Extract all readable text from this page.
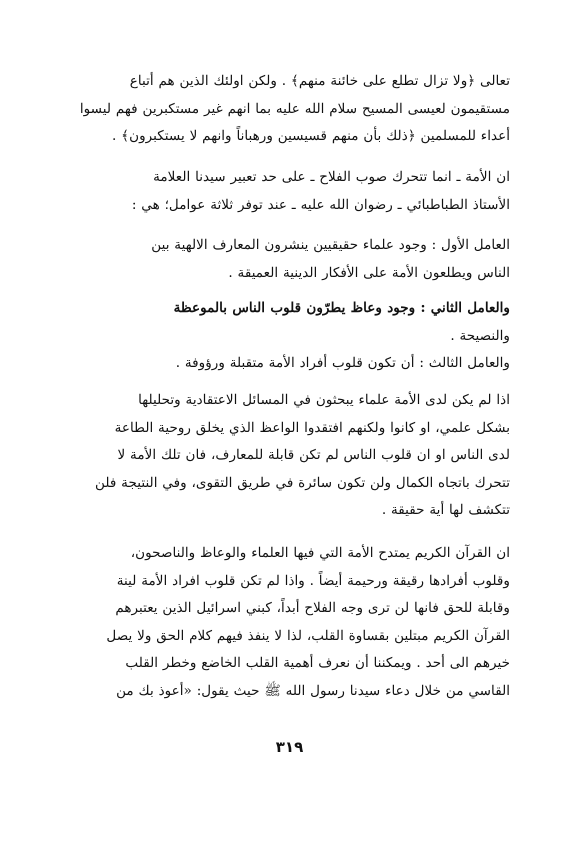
تعالى ﴿ولا تزال تطلع على خائنة منهم﴾ . ولكن اولئك الذين هم أتباع
مستقيمون لعيسى المسيح سلام الله عليه بما انهم غير مستكبرين فهم ليسوا
أعداء للمسلمين ﴿ذلك بأن منهم قسيسين ورهباناً وانهم لا يستكبرون﴾ .
ان الأمة ـ انما تتحرك صوب الفلاح ـ على حد تعبير سيدنا العلامة
الأستاذ الطباطبائي ـ رضوان الله عليه ـ عند توفر ثلاثة عوامل؛ هي :
العامل الأول : وجود علماء حقيقيين ينشرون المعارف الالهية بين
الناس ويطلعون الأمة على الأفكار الدينية العميقة .
والعامل الثاني : وجود وعاظ يطرّون قلوب الناس بالموعظة
والنصيحة .
والعامل الثالث : أن تكون قلوب أفراد الأمة متقبلة ورؤوفة .
اذا لم يكن لدى الأمة علماء يبحثون في المسائل الاعتقادية وتحليلها
بشكل علمي، او كانوا ولكنهم افتقدوا الواعظ الذي يخلق روحية الطاعة
لدى الناس او ان قلوب الناس لم تكن قابلة للمعارف، فان تلك الأمة لا
تتحرك باتجاه الكمال ولن تكون سائرة في طريق التقوى، وفي النتيجة فلن
تتكشف لها أية حقيقة .
ان القرآن الكريم يمتدح الأمة التي فيها العلماء والوعاظ والناصحون،
وقلوب أفرادها رقيقة ورحيمة أيضاً . واذا لم تكن قلوب افراد الأمة لينة
وقابلة للحق فانها لن ترى وجه الفلاح أبداً، كبني اسرائيل الذين يعتبرهم
القرآن الكريم مبتلين بقساوة القلب، لذا لا ينفذ فيهم كلام الحق ولا يصل
خيرهم الى أحد . ويمكننا أن نعرف أهمية القلب الخاضع وخطر القلب
القاسي من خلال دعاء سيدنا رسول الله ﷺ حيث يقول: «أعوذ بك من
٣١٩
